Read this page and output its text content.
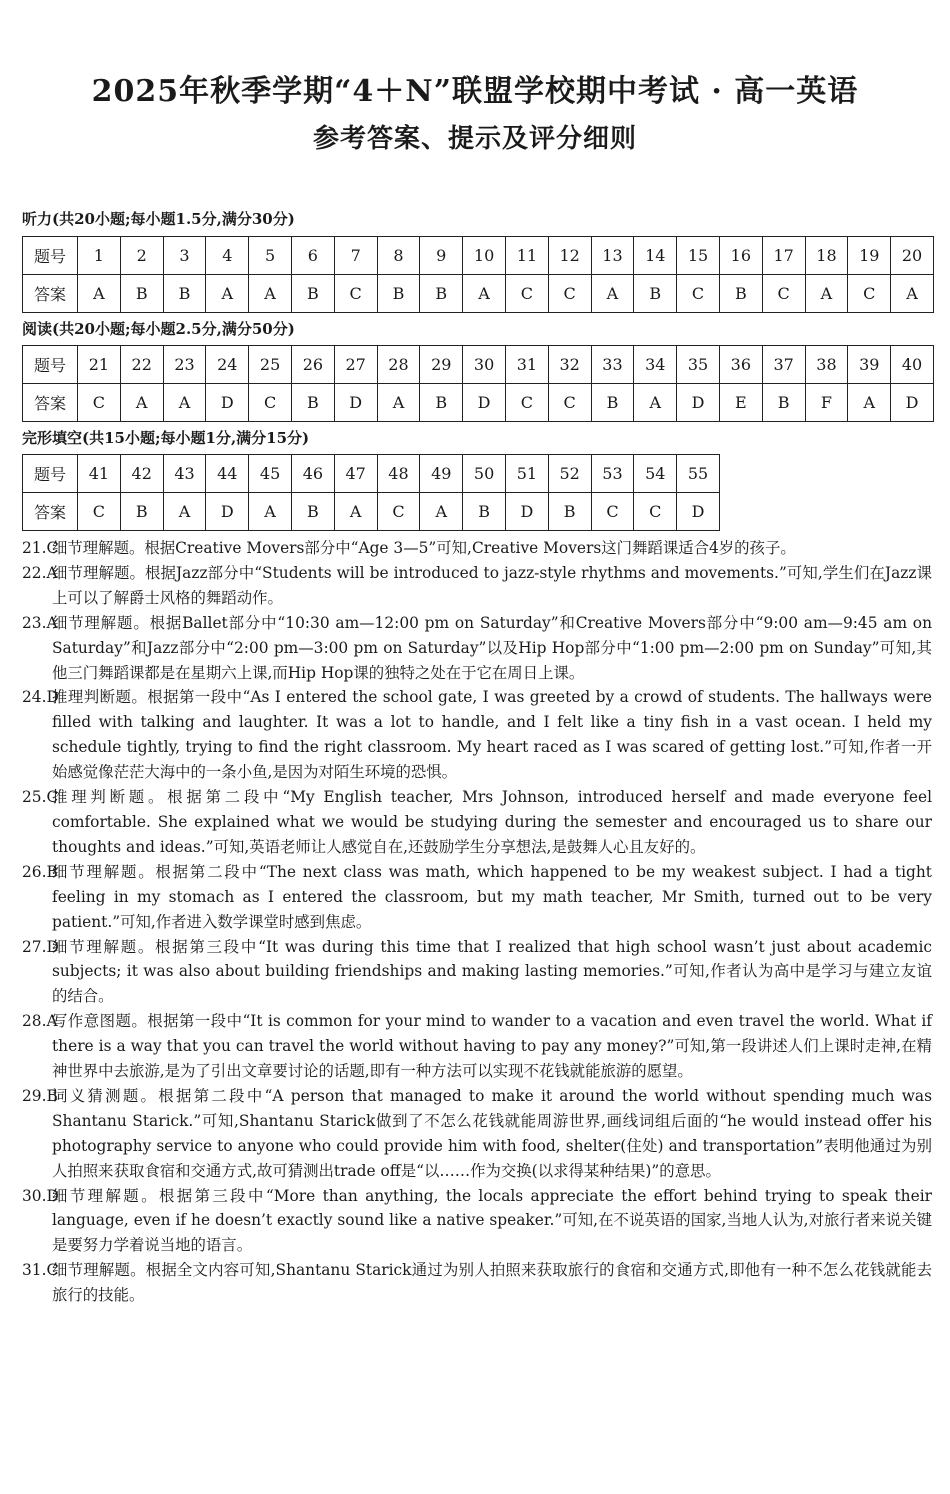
2025年秋季学期“4＋N”联盟学校期中考试 · 高一英语
参考答案、提示及评分细则
听力(共20小题;每小题1.5分,满分30分)
题号	1	2	3	4	5	6	7	8	9	10	11	12	13	14	15	16	17	18	19	20
答案	A	B	B	A	A	B	C	B	B	A	C	C	A	B	C	B	C	A	C	A
阅读(共20小题;每小题2.5分,满分50分)
题号	21	22	23	24	25	26	27	28	29	30	31	32	33	34	35	36	37	38	39	40
答案	C	A	A	D	C	B	D	A	B	D	C	C	B	A	D	E	B	F	A	D
完形填空(共15小题;每小题1分,满分15分)
题号	41	42	43	44	45	46	47	48	49	50	51	52	53	54	55
答案	C	B	A	D	A	B	A	C	A	B	D	B	C	C	D
21.C
细节理解题。根据Creative Movers部分中“Age 3—5”可知,Creative Movers这门舞蹈课适合4岁的孩子。
22.A
细节理解题。根据Jazz部分中“Students will be introduced to jazz-style rhythms and movements.”可知,学生们在Jazz课上可以了解爵士风格的舞蹈动作。
23.A
细节理解题。根据Ballet部分中“10:30 am—12:00 pm on Saturday”和Creative Movers部分中“9:00 am—9:45 am on Saturday”和Jazz部分中“2:00 pm—3:00 pm on Saturday”以及Hip Hop部分中“1:00 pm—2:00 pm on Sunday”可知,其他三门舞蹈课都是在星期六上课,而Hip Hop课的独特之处在于它在周日上课。
24.D
推理判断题。根据第一段中“As I entered the school gate, I was greeted by a crowd of students. The hallways were filled with talking and laughter. It was a lot to handle, and I felt like a tiny fish in a vast ocean. I held my schedule tightly, trying to find the right classroom. My heart raced as I was scared of getting lost.”可知,作者一开始感觉像茫茫大海中的一条小鱼,是因为对陌生环境的恐惧。
25.C
推理判断题。根据第二段中“My English teacher, Mrs Johnson, introduced herself and made everyone feel comfortable. She explained what we would be studying during the semester and encouraged us to share our thoughts and ideas.”可知,英语老师让人感觉自在,还鼓励学生分享想法,是鼓舞人心且友好的。
26.B
细节理解题。根据第二段中“The next class was math, which happened to be my weakest subject. I had a tight feeling in my stomach as I entered the classroom, but my math teacher, Mr Smith, turned out to be very patient.”可知,作者进入数学课堂时感到焦虑。
27.D
细节理解题。根据第三段中“It was during this time that I realized that high school wasn’t just about academic subjects; it was also about building friendships and making lasting memories.”可知,作者认为高中是学习与建立友谊的结合。
28.A
写作意图题。根据第一段中“It is common for your mind to wander to a vacation and even travel the world. What if there is a way that you can travel the world without having to pay any money?”可知,第一段讲述人们上课时走神,在精神世界中去旅游,是为了引出文章要讨论的话题,即有一种方法可以实现不花钱就能旅游的愿望。
29.B
词义猜测题。根据第二段中“A person that managed to make it around the world without spending much was Shantanu Starick.”可知,Shantanu Starick做到了不怎么花钱就能周游世界,画线词组后面的“he would instead offer his photography service to anyone who could provide him with food, shelter(住处) and transportation”表明他通过为别人拍照来获取食宿和交通方式,故可猜测出trade off是“以……作为交换(以求得某种结果)”的意思。
30.D
细节理解题。根据第三段中“More than anything, the locals appreciate the effort behind trying to speak their language, even if he doesn’t exactly sound like a native speaker.”可知,在不说英语的国家,当地人认为,对旅行者来说关键是要努力学着说当地的语言。
31.C
细节理解题。根据全文内容可知,Shantanu Starick通过为别人拍照来获取旅行的食宿和交通方式,即他有一种不怎么花钱就能去旅行的技能。
